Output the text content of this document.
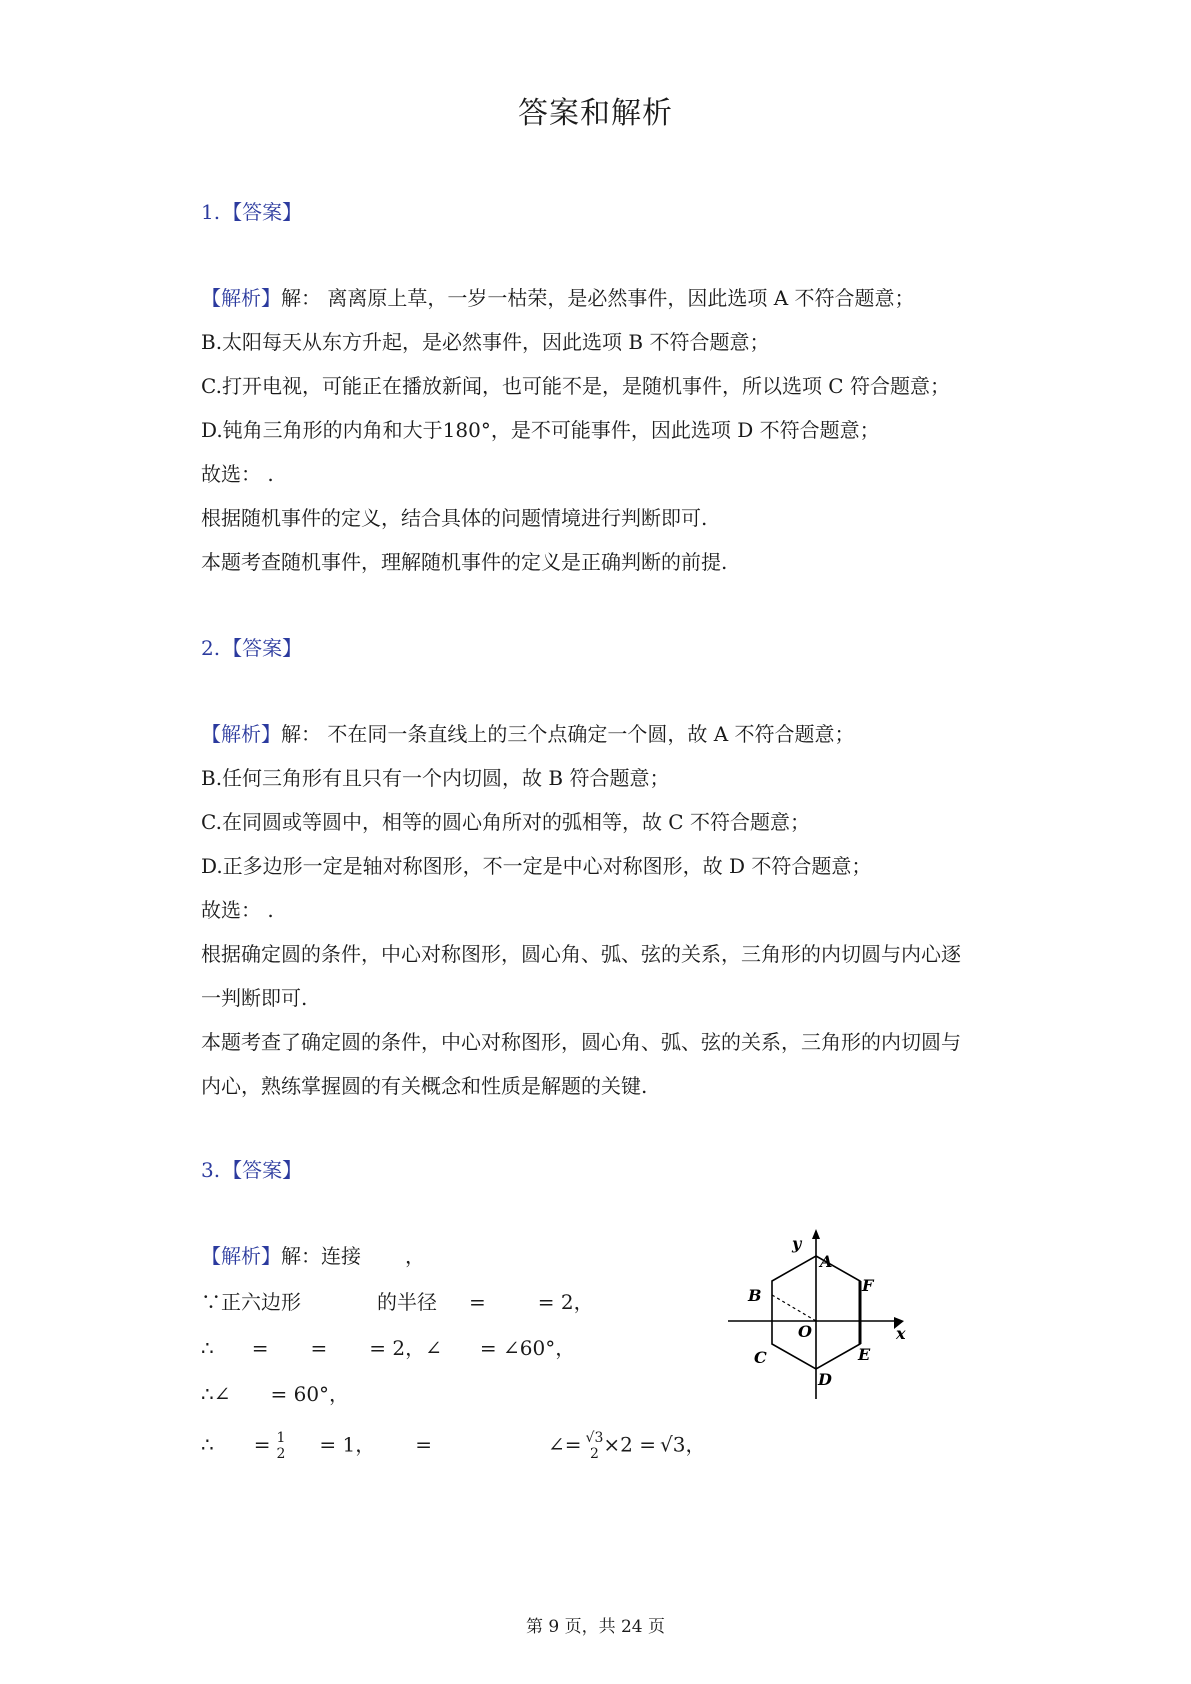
答案和解析
1. 【答案】
【解析】解： 离离原上草，一岁一枯荣，是必然事件，因此选项 A 不符合题意；
B.太阳每天从东方升起，是必然事件，因此选项 B 不符合题意；
C.打开电视，可能正在播放新闻，也可能不是，是随机事件，所以选项 C 符合题意；
D.钝角三角形的内角和大于180°，是不可能事件，因此选项 D 不符合题意；
故选： .
根据随机事件的定义，结合具体的问题情境进行判断即可.
本题考查随机事件，理解随机事件的定义是正确判断的前提.
2. 【答案】
【解析】解： 不在同一条直线上的三个点确定一个圆，故 A 不符合题意；
B.任何三角形有且只有一个内切圆，故 B 符合题意；
C.在同圆或等圆中，相等的圆心角所对的弧相等，故 C 不符合题意；
D.正多边形一定是轴对称图形，不一定是中心对称图形，故 D 不符合题意；
故选： .
根据确定圆的条件，中心对称图形，圆心角、弧、弦的关系，三角形的内切圆与内心逐
一判断即可.
本题考查了确定圆的条件，中心对称图形，圆心角、弧、弦的关系，三角形的内切圆与
内心，熟练掌握圆的有关概念和性质是解题的关键.
3. 【答案】
【解析】解：连接 ，
∵正六边形	的半径 =	= 2，
∴ = = = 2，∠ = ∠60°，
∴∠ = 60°，
∴ = 1
2 = 1， =	∠= √3
2 ×2 = √3，
y
A
F
B
O	x
C	E
D
第 9 页，共 24 页
